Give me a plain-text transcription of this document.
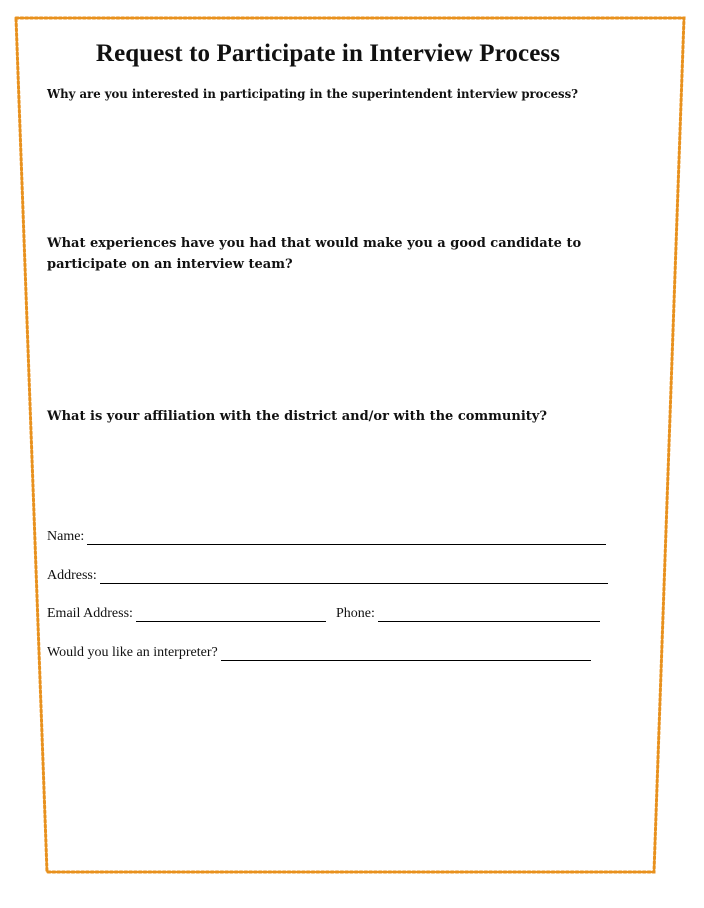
Request to Participate in Interview Process
Why are you interested in participating in the superintendent interview process?
What experiences have you had that would make you a good candidate to participate on an interview team?
What is your affiliation with the district and/or with the community?
Name:
Address:
Email Address:	Phone:
Would you like an interpreter?
